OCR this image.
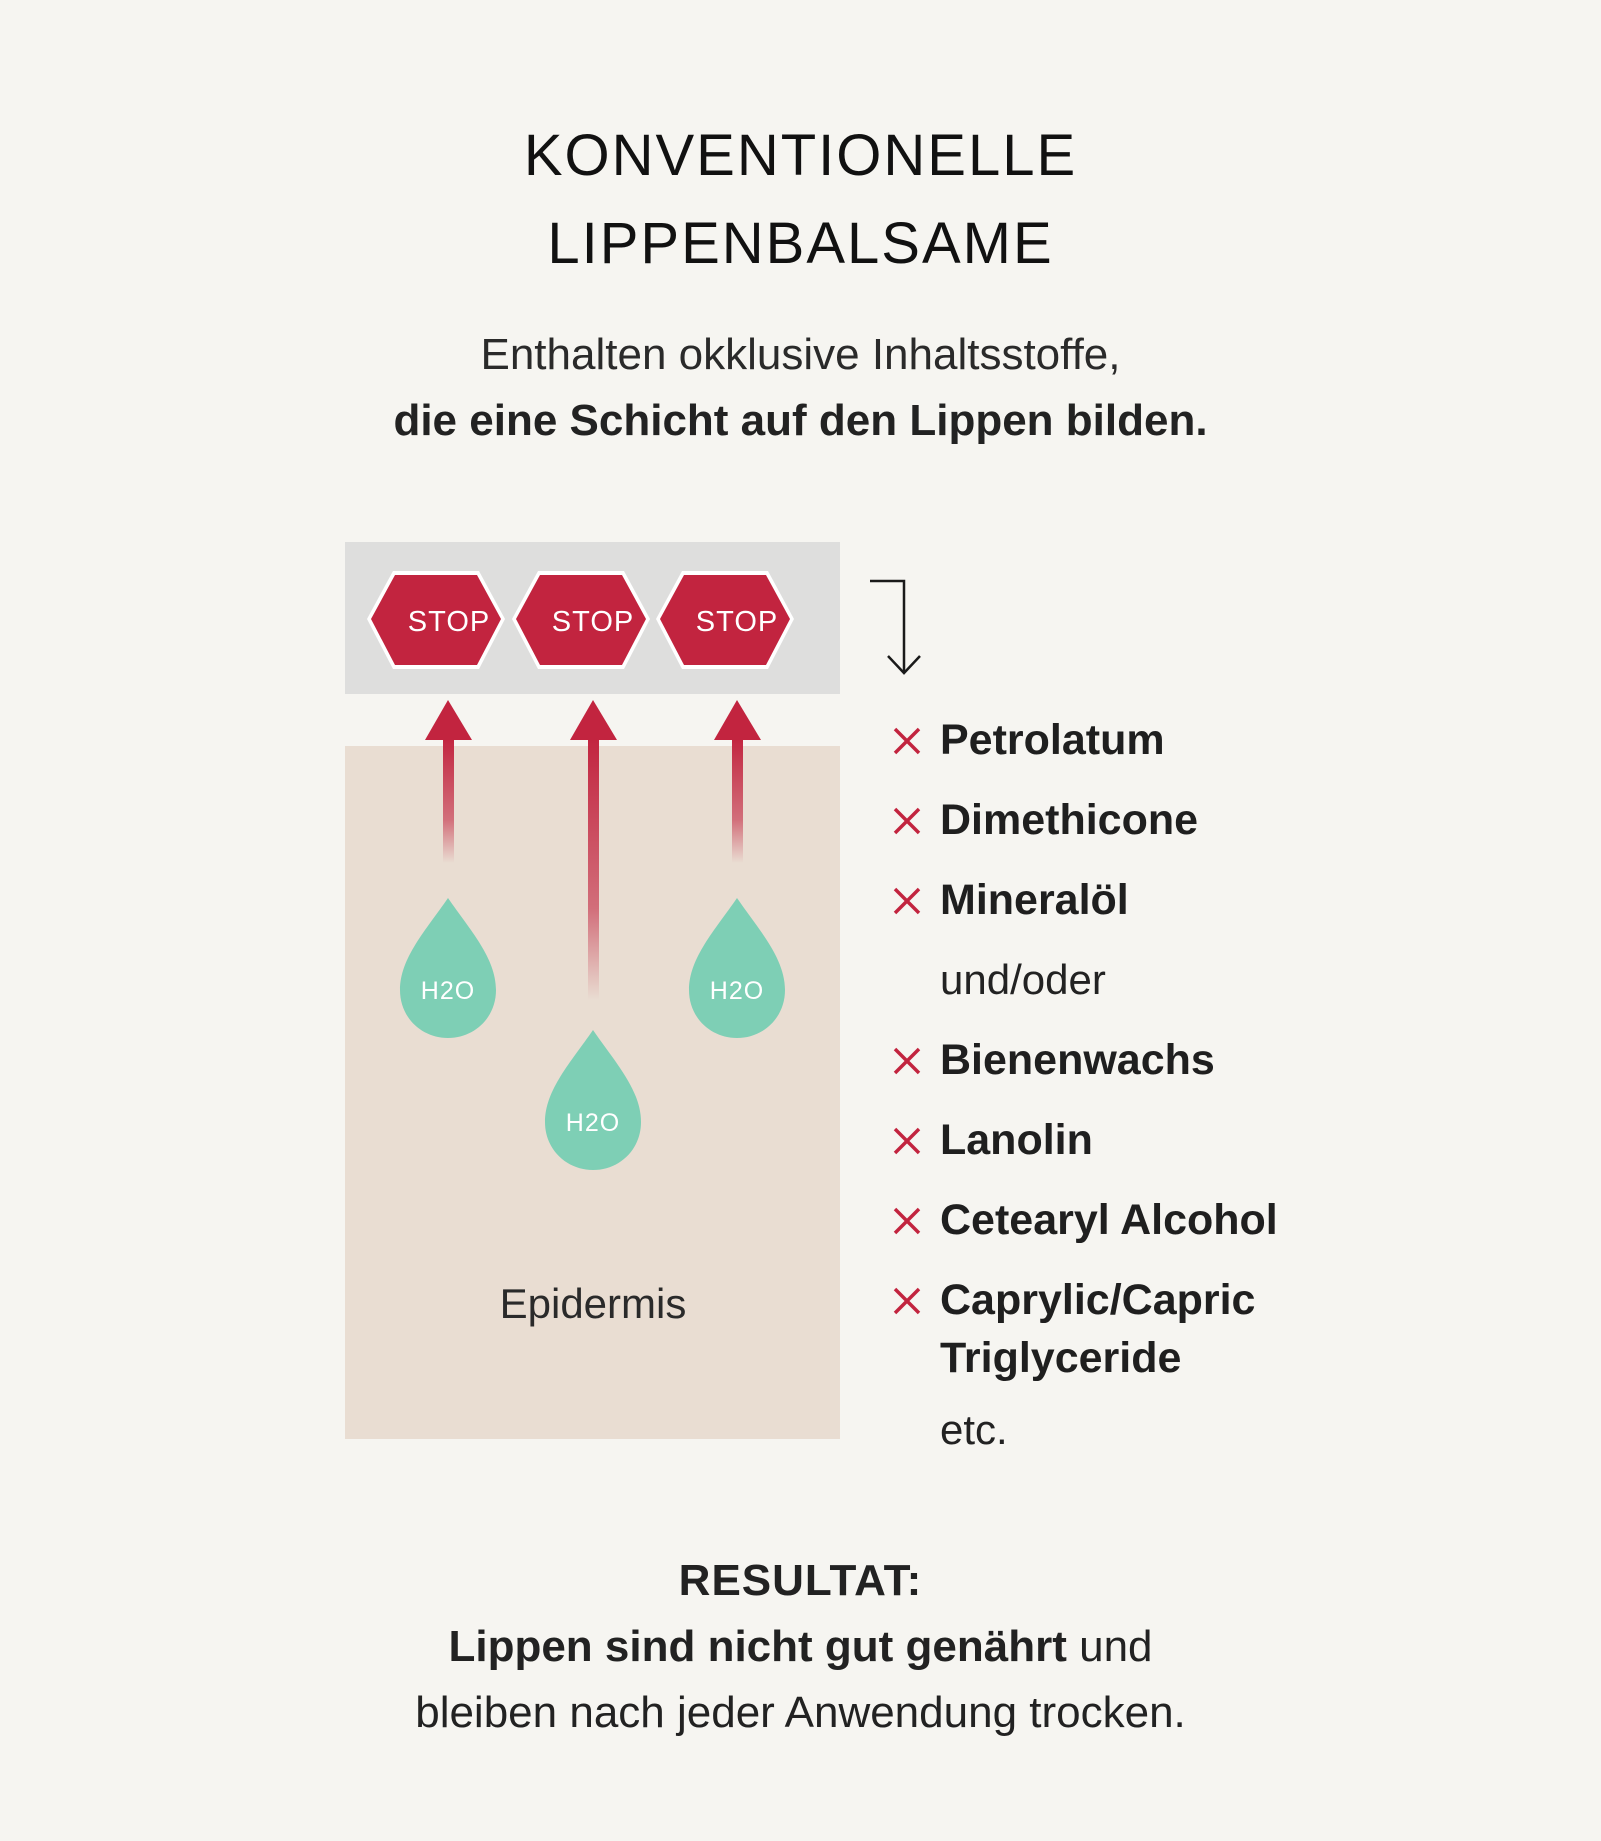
KONVENTIONELLE
LIPPENBALSAME
Enthalten okklusive Inhaltsstoffe,
die eine Schicht auf den Lippen bilden.
STOP STOP STOP
H2O
H2O
H2O
Epidermis
Petrolatum
Dimethicone
Mineralöl
und/oder
Bienenwachs
Lanolin
Cetearyl Alcohol
Caprylic/Capric
Triglyceride
etc.
RESULTAT:
Lippen sind nicht gut genährt und
bleiben nach jeder Anwendung trocken.
